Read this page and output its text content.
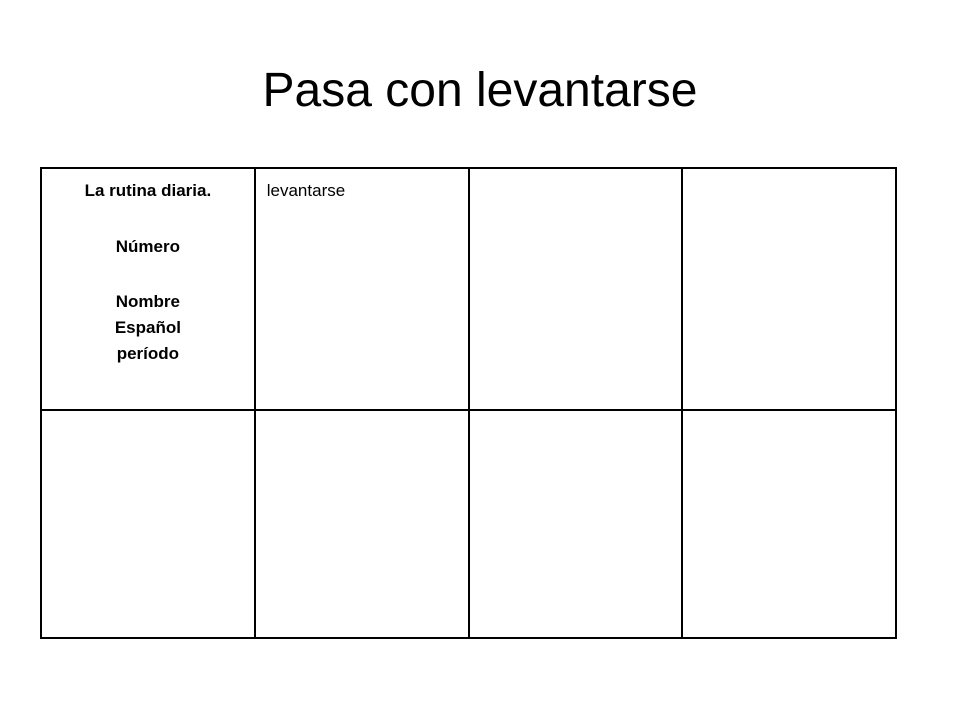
Pasa con levantarse
La rutina diaria.
Número
Nombre
Español
período	levantarse		
